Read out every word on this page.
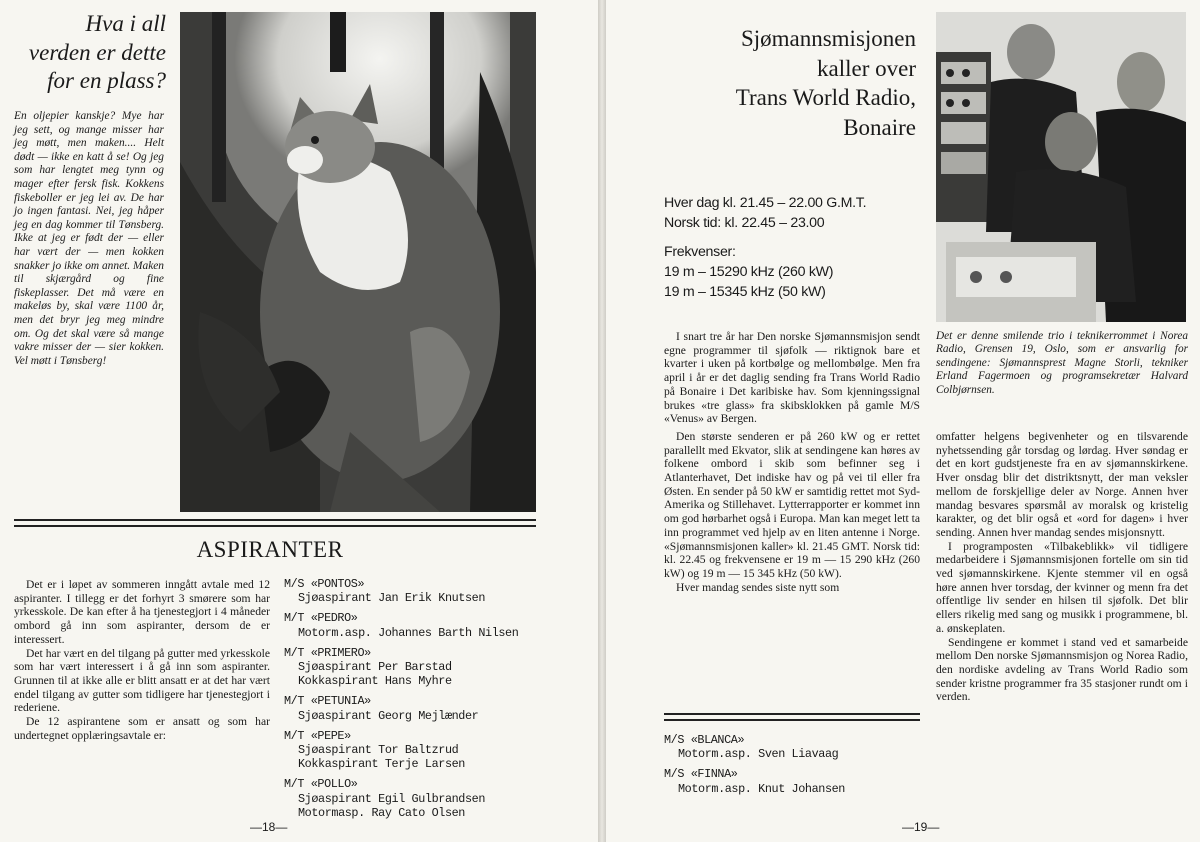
Hva i all
verden er dette
for en plass?
En oljepier kanskje? Mye har jeg sett, og mange misser har jeg møtt, men maken.... Helt dødt — ikke en katt å se! Og jeg som har lengtet meg tynn og mager efter fersk fisk. Kokkens fiskeboller er jeg lei av. De har jo ingen fantasi. Nei, jeg håper jeg en dag kommer til Tønsberg. Ikke at jeg er født der — eller har vært der — men kokken snakker jo ikke om annet. Maken til skjærgård og fine fiskeplasser. Det må være en makeløs by, skal være 1100 år, men det bryr jeg meg mindre om. Og det skal være så mange vakre misser der — sier kokken. Vel møtt i Tønsberg!
ASPIRANTER

Det er i løpet av sommeren inngått avtale med 12 aspiranter. I tillegg er det forhyrt 3 smørere som har yrkesskole. De kan efter å ha tjenestegjort i 4 måneder ombord gå inn som aspiranter, dersom de er interessert.

Det har vært en del tilgang på gutter med yrkesskole som har vært interessert i å gå inn som aspiranter. Grunnen til at ikke alle er blitt ansatt er at det har vært endel tilgang av gutter som tidligere har tjenestegjort i rederiene.

De 12 aspirantene som er ansatt og som har undertegnet opplæringsavtale er:

M/S «PONTOS»
Sjøaspirant Jan Erik Knutsen
M/T «PEDRO»
Motorm.asp. Johannes Barth Nilsen
M/T «PRIMERO»
Sjøaspirant Per Barstad
Kokkaspirant Hans Myhre
M/T «PETUNIA»
Sjøaspirant Georg Mejlænder
M/T «PEPE»
Sjøaspirant Tor Baltzrud
Kokkaspirant Terje Larsen
M/T «POLLO»
Sjøaspirant Egil Gulbrandsen
Motormasp. Ray Cato Olsen
—18—
Sjømannsmisjonen
kaller over
Trans World Radio,
Bonaire
Hver dag kl. 21.45 – 22.00 G.M.T.
Norsk tid: kl. 22.45 – 23.00
Frekvenser:
19 m – 15290 kHz (260 kW)
19 m – 15345 kHz (50 kW)
Det er denne smilende trio i teknikerrommet i Norea Radio, Grensen 19, Oslo, som er ansvarlig for sendingene: Sjømannsprest Magne Storli, tekniker Erland Fagermoen og programsekretær Halvard Colbjørnsen.

I snart tre år har Den norske Sjømannsmisjon sendt egne programmer til sjøfolk — riktignok bare et kvarter i uken på kortbølge og mellombølge. Men fra april i år er det daglig sending fra Trans World Radio på Bonaire i Det karibiske hav. Som kjenningssignal brukes «tre glass» fra skibsklokken på gamle M/S «Venus» av Bergen.

Den største senderen er på 260 kW og er rettet parallellt med Ekvator, slik at sendingene kan høres av folkene ombord i skib som befinner seg i Atlanterhavet, Det indiske hav og på vei til eller fra Østen. En sender på 50 kW er samtidig rettet mot Syd-Amerika og Stillehavet. Lytterrapporter er kommet inn om god hørbarhet også i Europa. Man kan meget lett ta inn programmet ved hjelp av en liten antenne i Norge. «Sjømannsmisjonen kaller» kl. 21.45 GMT. Norsk tid: kl. 22.45 og frekvensene er 19 m — 15 290 kHz (260 kW) og 19 m — 15 345 kHz (50 kW).

Hver mandag sendes siste nytt som

omfatter helgens begivenheter og en tilsvarende nyhetssending går torsdag og lørdag. Hver søndag er det en kort gudstjeneste fra en av sjømannskirkene. Hver onsdag blir det distriktsnytt, der man veksler mellom de forskjellige deler av Norge. Annen hver mandag besvares spørsmål av moralsk og kristelig karakter, og det blir også et «ord for dagen» i hver sending. Annen hver mandag sendes misjonsnytt.

I programposten «Tilbakeblikk» vil tidligere medarbeidere i Sjømannsmisjonen fortelle om sin tid ved sjømannskirkene. Kjente stemmer vil en også høre annen hver torsdag, der kvinner og menn fra det offentlige liv sender en hilsen til sjøfolk. Det blir ellers rikelig med sang og musikk i programmene, bl. a. ønskeplaten.

Sendingene er kommet i stand ved et samarbeide mellom Den norske Sjømannsmisjon og Norea Radio, den nordiske avdeling av Trans World Radio som sender kristne programmer fra 35 stasjoner rundt om i verden.

M/S «BLANCA»
Motorm.asp. Sven Liavaag
M/S «FINNA»
Motorm.asp. Knut Johansen
—19—
